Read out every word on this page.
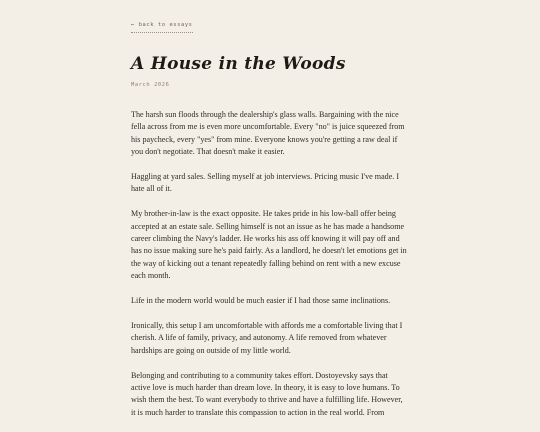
← back to essays
A House in the Woods
March 2026

The harsh sun floods through the dealership's glass walls. Bargaining with the nice fella across from me is even more uncomfortable. Every "no" is juice squeezed from his paycheck, every "yes" from mine. Everyone knows you're getting a raw deal if you don't negotiate. That doesn't make it easier.

Haggling at yard sales. Selling myself at job interviews. Pricing music I've made. I hate all of it.

My brother-in-law is the exact opposite. He takes pride in his low-ball offer being accepted at an estate sale. Selling himself is not an issue as he has made a handsome career climbing the Navy's ladder. He works his ass off knowing it will pay off and has no issue making sure he's paid fairly. As a landlord, he doesn't let emotions get in the way of kicking out a tenant repeatedly falling behind on rent with a new excuse each month.

Life in the modern world would be much easier if I had those same inclinations.

Ironically, this setup I am uncomfortable with affords me a comfortable living that I cherish. A life of family, privacy, and autonomy. A life removed from whatever hardships are going on outside of my little world.

Belonging and contributing to a community takes effort. Dostoyevsky says that active love is much harder than dream love. In theory, it is easy to love humans. To wish them the best. To want everybody to thrive and have a fulfilling life. However, it is much harder to translate this compassion to action in the real world. From
